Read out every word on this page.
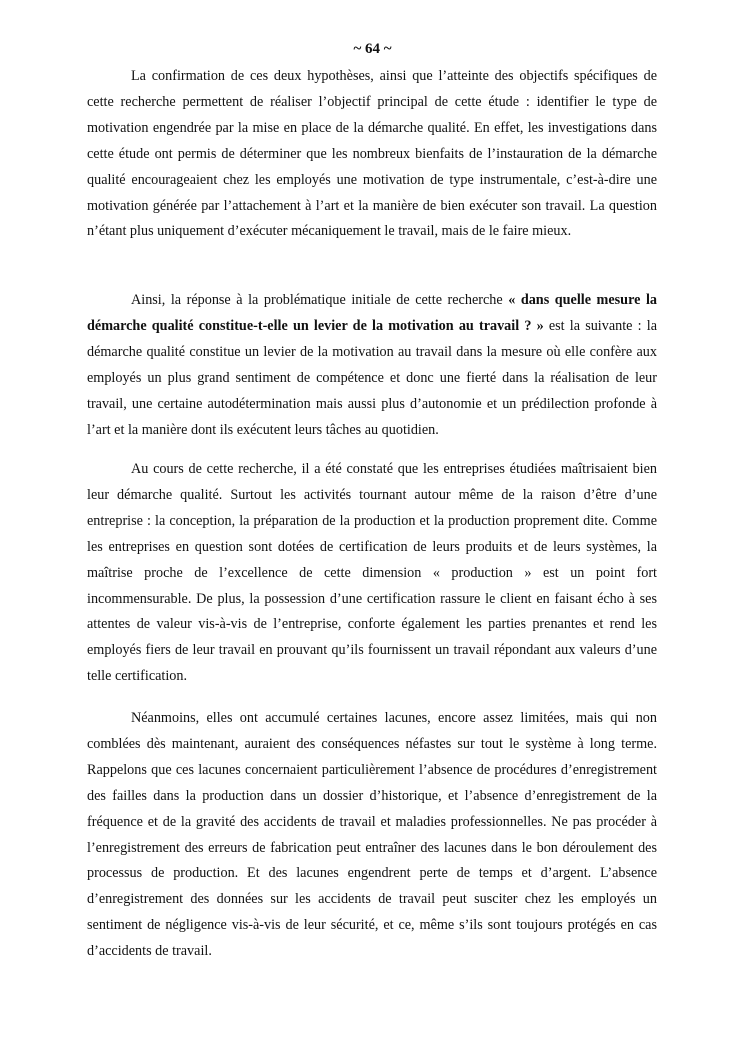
~ 64 ~

La confirmation de ces deux hypothèses, ainsi que l’atteinte des objectifs spécifiques de cette recherche permettent de réaliser l’objectif principal de cette étude : identifier le type de motivation engendrée par la mise en place de la démarche qualité. En effet, les investigations dans cette étude ont permis de déterminer que les nombreux bienfaits de l’instauration de la démarche qualité encourageaient chez les employés une motivation de type instrumentale, c’est-à-dire une motivation générée par l’attachement à l’art et la manière de bien exécuter son travail. La question n’étant plus uniquement d’exécuter mécaniquement le travail, mais de le faire mieux.

Ainsi, la réponse à la problématique initiale de cette recherche « dans quelle mesure la démarche qualité constitue-t-elle un levier de la motivation au travail ? » est la suivante : la démarche qualité constitue un levier de la motivation au travail dans la mesure où elle confère aux employés un plus grand sentiment de compétence et donc une fierté dans la réalisation de leur travail, une certaine autodétermination mais aussi plus d’autonomie et un prédilection profonde à l’art et la manière dont ils exécutent leurs tâches au quotidien.

Au cours de cette recherche, il a été constaté que les entreprises étudiées maîtrisaient bien leur démarche qualité. Surtout les activités tournant autour même de la raison d’être d’une entreprise : la conception, la préparation de la production et la production proprement dite. Comme les entreprises en question sont dotées de certification de leurs produits et de leurs systèmes, la maîtrise proche de l’excellence de cette dimension « production » est un point fort incommensurable. De plus, la possession d’une certification rassure le client en faisant écho à ses attentes de valeur vis-à-vis de l’entreprise, conforte également les parties prenantes et rend les employés fiers de leur travail en prouvant qu’ils fournissent un travail répondant aux valeurs d’une telle certification.

Néanmoins, elles ont accumulé certaines lacunes, encore assez limitées, mais qui non comblées dès maintenant, auraient des conséquences néfastes sur tout le système à long terme. Rappelons que ces lacunes concernaient particulièrement l’absence de procédures d’enregistrement des failles dans la production dans un dossier d’historique, et l’absence d’enregistrement de la fréquence et de la gravité des accidents de travail et maladies professionnelles. Ne pas procéder à l’enregistrement des erreurs de fabrication peut entraîner des lacunes dans le bon déroulement des processus de production. Et des lacunes engendrent perte de temps et d’argent. L’absence d’enregistrement des données sur les accidents de travail peut susciter chez les employés un sentiment de négligence vis-à-vis de leur sécurité, et ce, même s’ils sont toujours protégés en cas d’accidents de travail.
